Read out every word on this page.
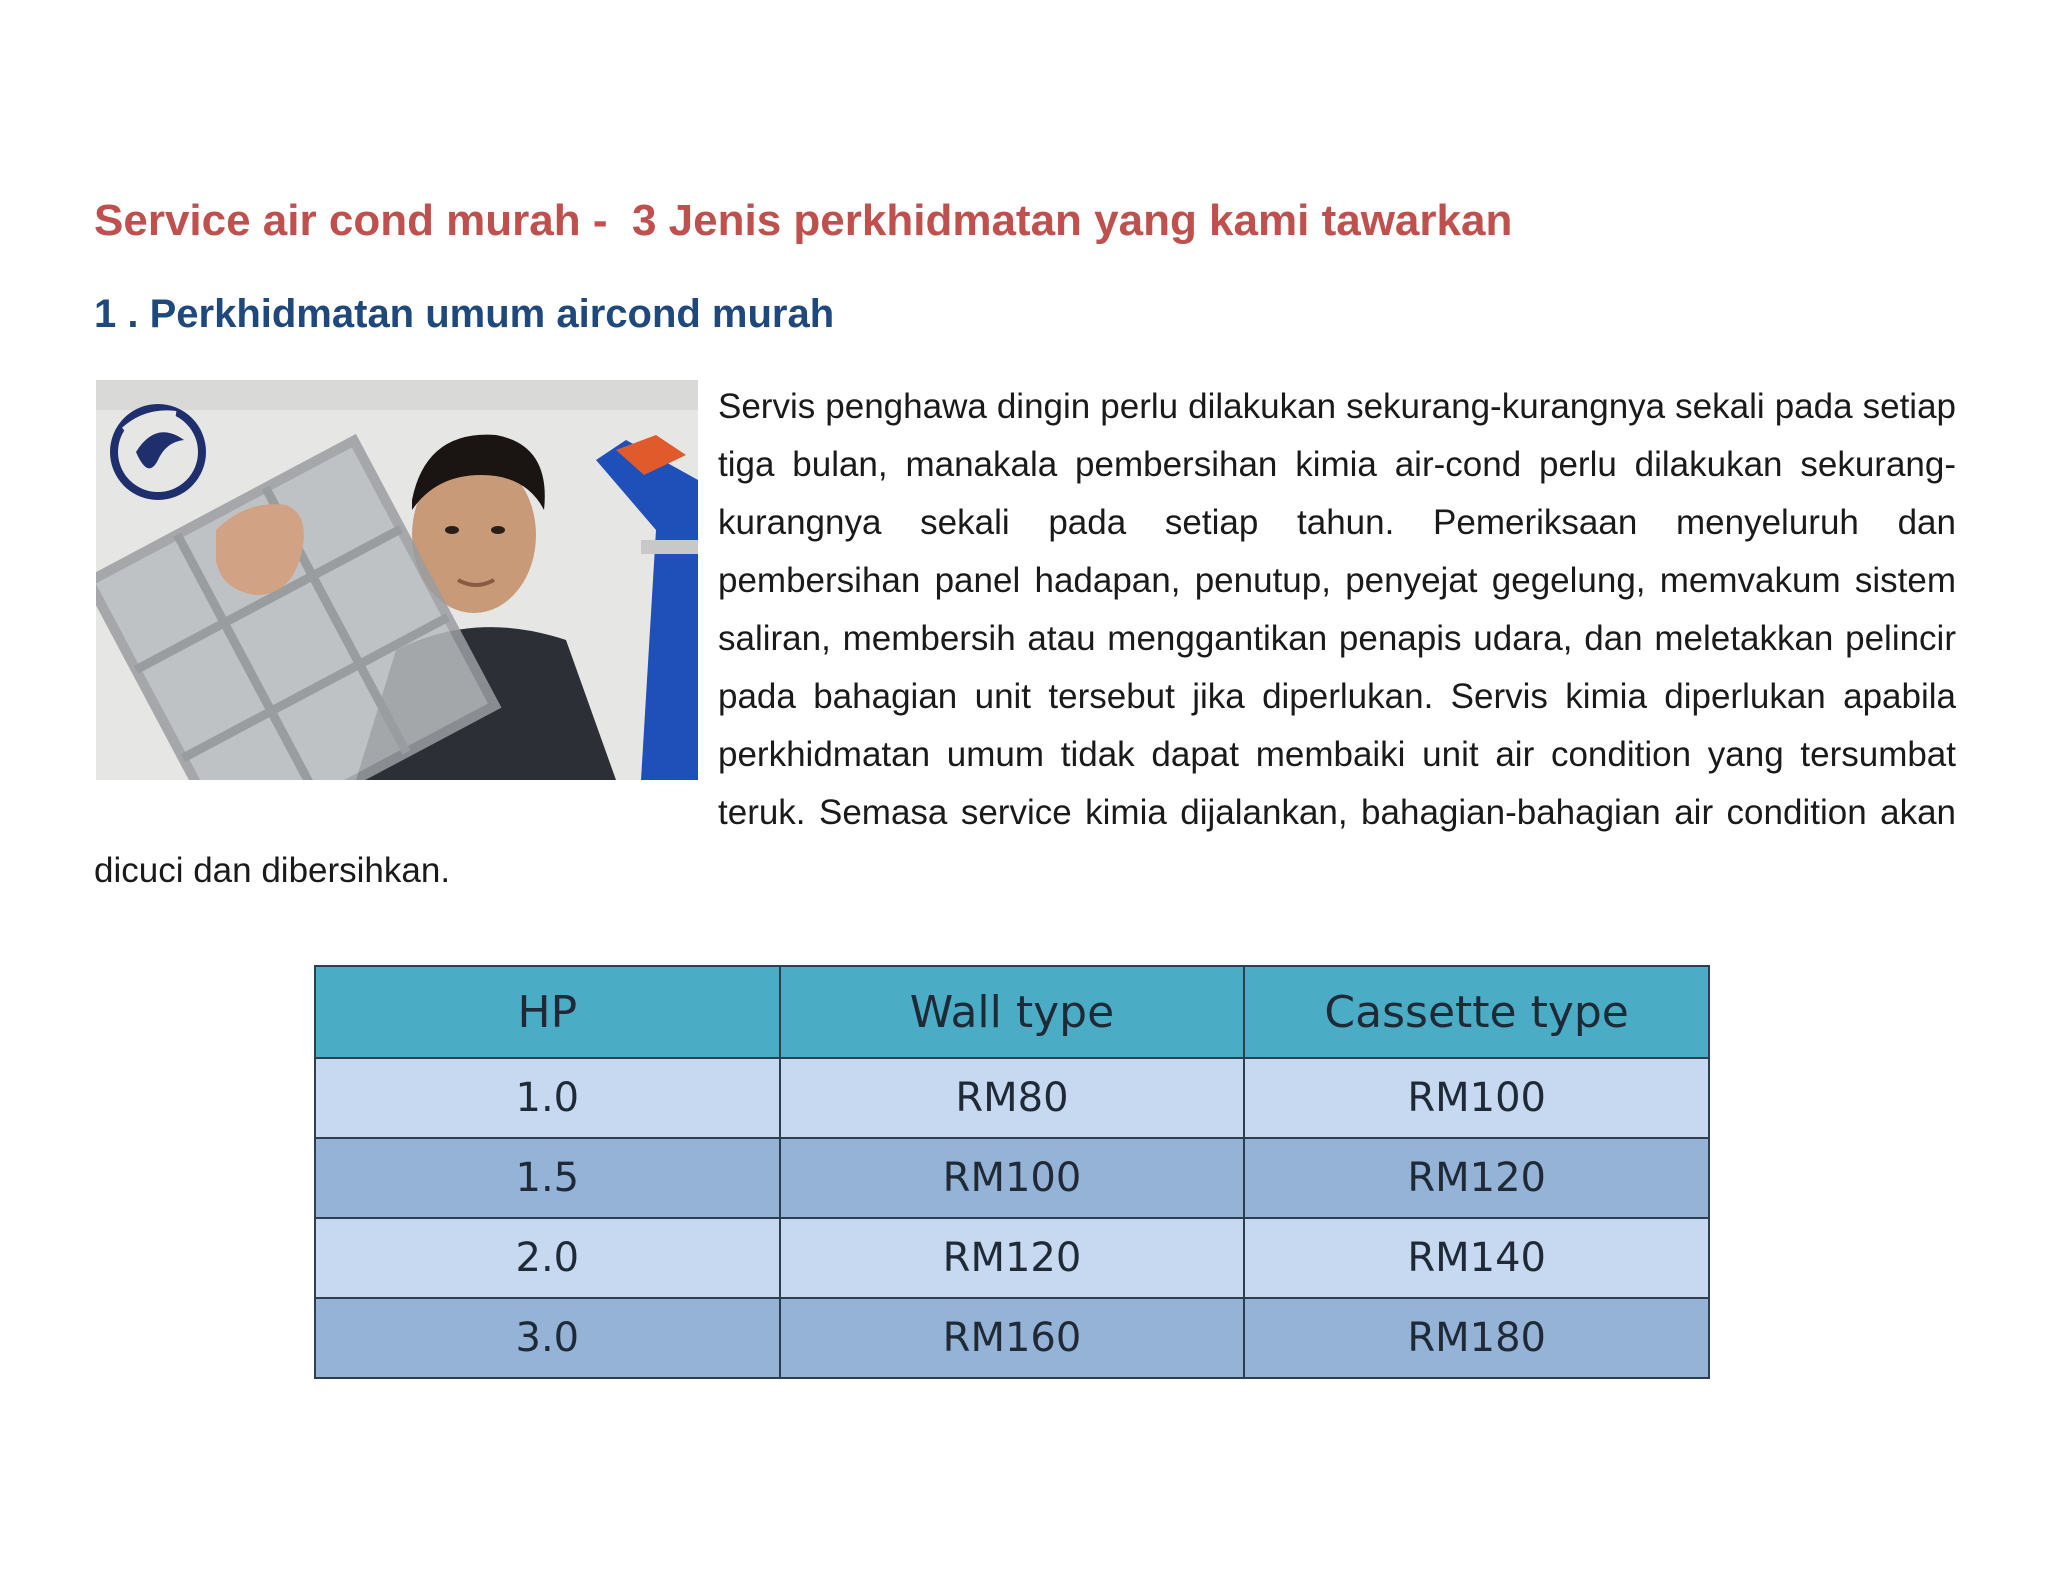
Service air cond murah -  3 Jenis perkhidmatan yang kami tawarkan
1 . Perkhidmatan umum aircond murah

Servis penghawa dingin perlu dilakukan sekurang-kurangnya sekali pada setiap tiga bulan, manakala pembersihan kimia air-cond perlu dilakukan sekurang-kurangnya sekali pada setiap tahun. Pemeriksaan menyeluruh dan pembersihan panel hadapan, penutup, penyejat gegelung, memvakum sistem saliran, membersih atau menggantikan penapis udara, dan meletakkan pelincir pada bahagian unit tersebut jika diperlukan. Servis kimia diperlukan apabila perkhidmatan umum tidak dapat membaiki unit air condition yang tersumbat teruk. Semasa service kimia dijalankan, bahagian-bahagian air condition akan dicuci dan dibersihkan.

HP	Wall type	Cassette type
1.0	RM80	RM100
1.5	RM100	RM120
2.0	RM120	RM140
3.0	RM160	RM180
